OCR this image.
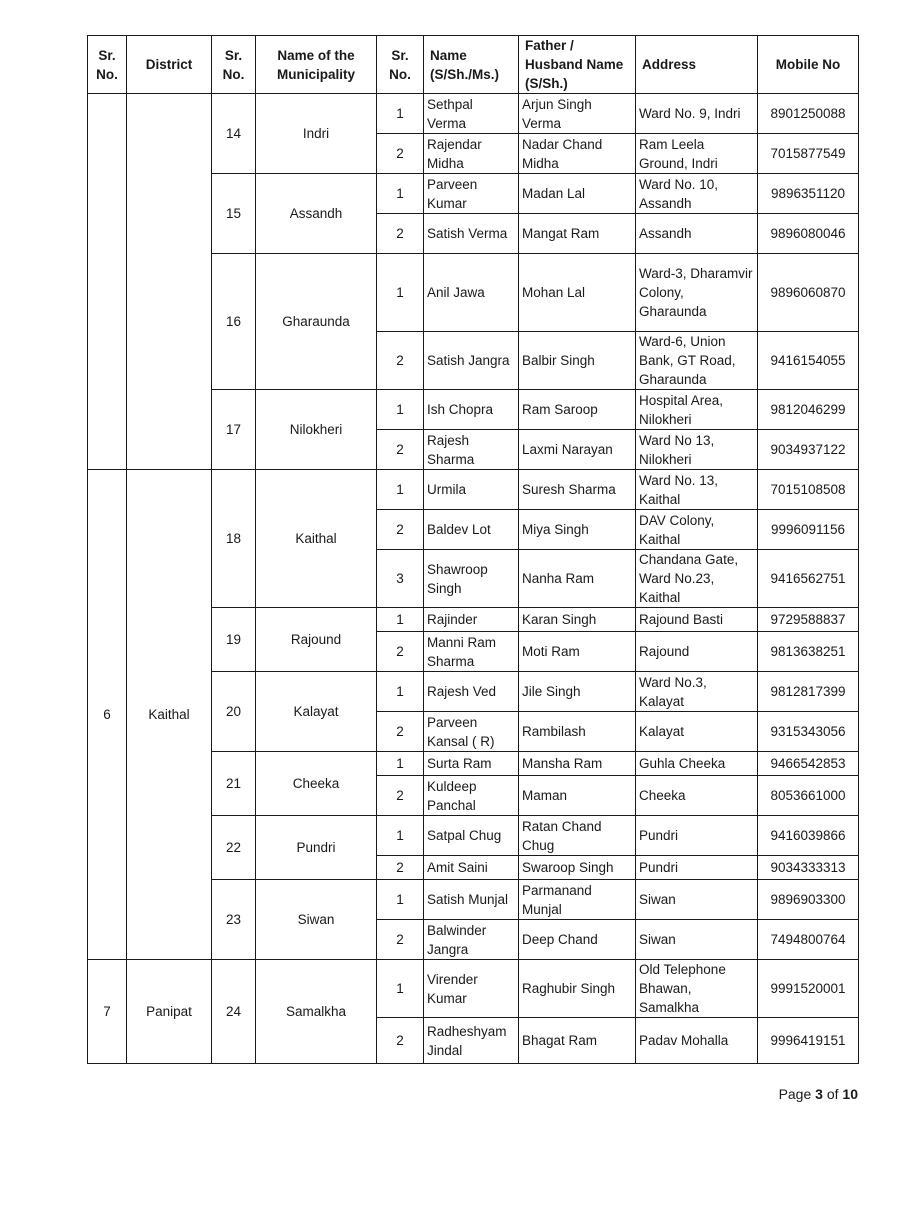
Sr. No.	District	Sr. No.	Name of the Municipality	Sr. No.	Name (S/Sh./Ms.)	Father / Husband Name (S/Sh.)	Address	Mobile No
		14	Indri	1	Sethpal Verma	Arjun Singh Verma	Ward No. 9, Indri	8901250088
				2	Rajendar Midha	Nadar Chand Midha	Ram Leela Ground, Indri	7015877549
		15	Assandh	1	Parveen Kumar	Madan Lal	Ward No. 10, Assandh	9896351120
				2	Satish Verma	Mangat Ram	Assandh	9896080046
		16	Gharaunda	1	Anil Jawa	Mohan Lal	Ward-3, Dharamvir Colony, Gharaunda	9896060870
				2	Satish Jangra	Balbir Singh	Ward-6, Union Bank, GT Road, Gharaunda	9416154055
		17	Nilokheri	1	Ish Chopra	Ram Saroop	Hospital Area, Nilokheri	9812046299
				2	Rajesh Sharma	Laxmi Narayan	Ward No 13, Nilokheri	9034937122
6	Kaithal	18	Kaithal	1	Urmila	Suresh Sharma	Ward No. 13, Kaithal	7015108508
				2	Baldev Lot	Miya Singh	DAV Colony, Kaithal	9996091156
				3	Shawroop Singh	Nanha Ram	Chandana Gate, Ward No.23, Kaithal	9416562751
		19	Rajound	1	Rajinder	Karan Singh	Rajound Basti	9729588837
				2	Manni Ram Sharma	Moti Ram	Rajound	9813638251
		20	Kalayat	1	Rajesh Ved	Jile Singh	Ward No.3, Kalayat	9812817399
				2	Parveen Kansal ( R)	Rambilash	Kalayat	9315343056
		21	Cheeka	1	Surta Ram	Mansha Ram	Guhla Cheeka	9466542853
				2	Kuldeep Panchal	Maman	Cheeka	8053661000
		22	Pundri	1	Satpal Chug	Ratan Chand Chug	Pundri	9416039866
				2	Amit Saini	Swaroop Singh	Pundri	9034333313
		23	Siwan	1	Satish Munjal	Parmanand Munjal	Siwan	9896903300
				2	Balwinder Jangra	Deep Chand	Siwan	7494800764
7	Panipat	24	Samalkha	1	Virender Kumar	Raghubir Singh	Old Telephone Bhawan, Samalkha	9991520001
				2	Radheshyam Jindal	Bhagat Ram	Padav Mohalla	9996419151
Page 3 of 10
